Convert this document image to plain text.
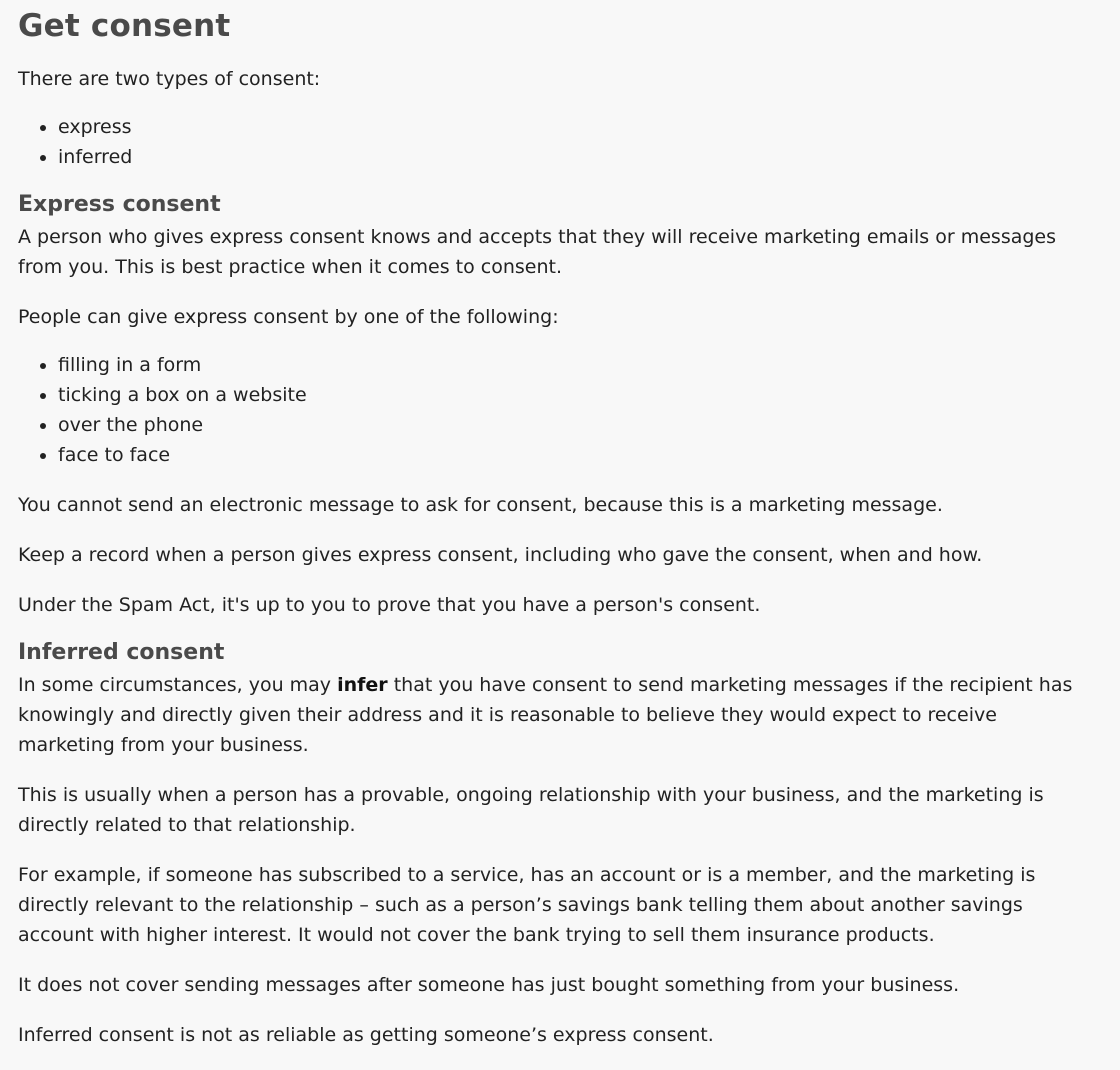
Get consent

There are two types of consent:

• express
• inferred
Express consent

A person who gives express consent knows and accepts that they will receive marketing emails or messages from you. This is best practice when it comes to consent.

People can give express consent by one of the following:

• filling in a form
• ticking a box on a website
• over the phone
• face to face

You cannot send an electronic message to ask for consent, because this is a marketing message.

Keep a record when a person gives express consent, including who gave the consent, when and how.

Under the Spam Act, it's up to you to prove that you have a person's consent.

Inferred consent

In some circumstances, you may infer that you have consent to send marketing messages if the recipient has knowingly and directly given their address and it is reasonable to believe they would expect to receive marketing from your business.

This is usually when a person has a provable, ongoing relationship with your business, and the marketing is directly related to that relationship.

For example, if someone has subscribed to a service, has an account or is a member, and the marketing is directly relevant to the relationship – such as a person’s savings bank telling them about another savings account with higher interest. It would not cover the bank trying to sell them insurance products.

It does not cover sending messages after someone has just bought something from your business.

Inferred consent is not as reliable as getting someone’s express consent.
